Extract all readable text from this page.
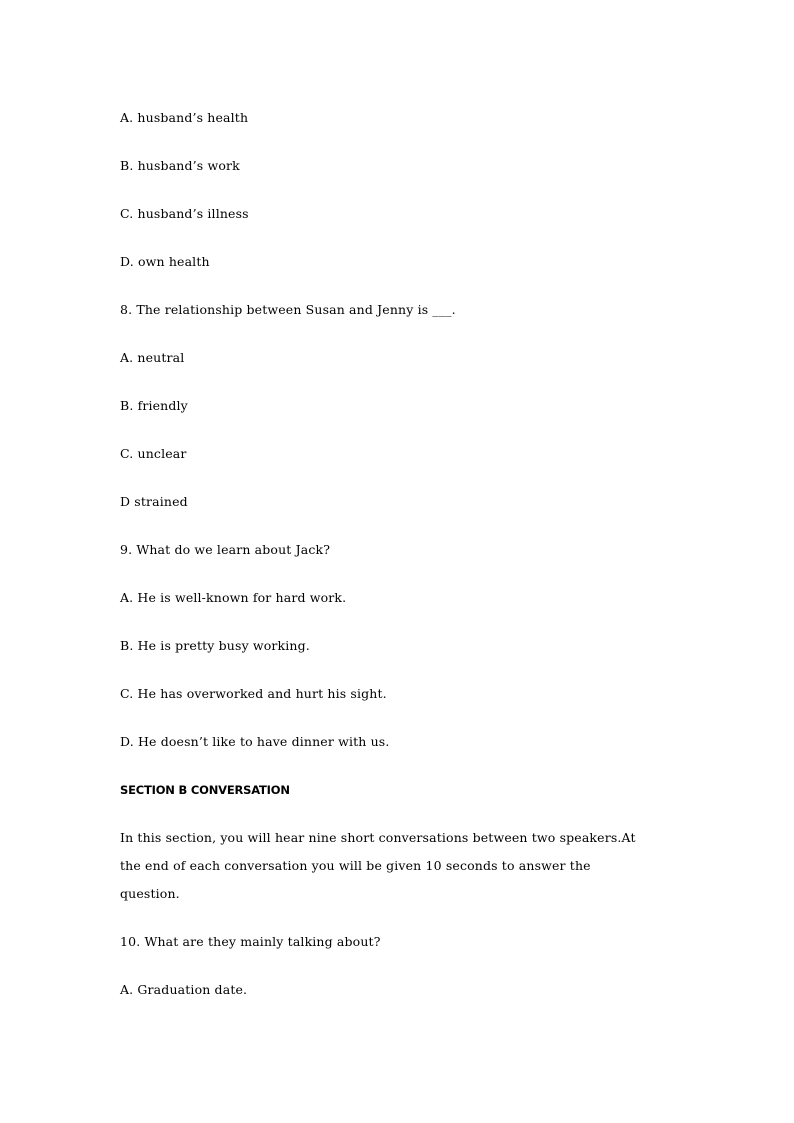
A. husband’s health
B. husband’s work
C. husband’s illness
D. own health
8. The relationship between Susan and Jenny is ___.
A. neutral
B. friendly
C. unclear
D strained
9. What do we learn about Jack?
A. He is well-known for hard work.
B. He is pretty busy working.
C. He has overworked and hurt his sight.
D. He doesn’t like to have dinner with us.
SECTION B CONVERSATION
In this section, you will hear nine short conversations between two speakers.At
the end of each conversation you will be given 10 seconds to answer the
question.
10. What are they mainly talking about?
A. Graduation date.
